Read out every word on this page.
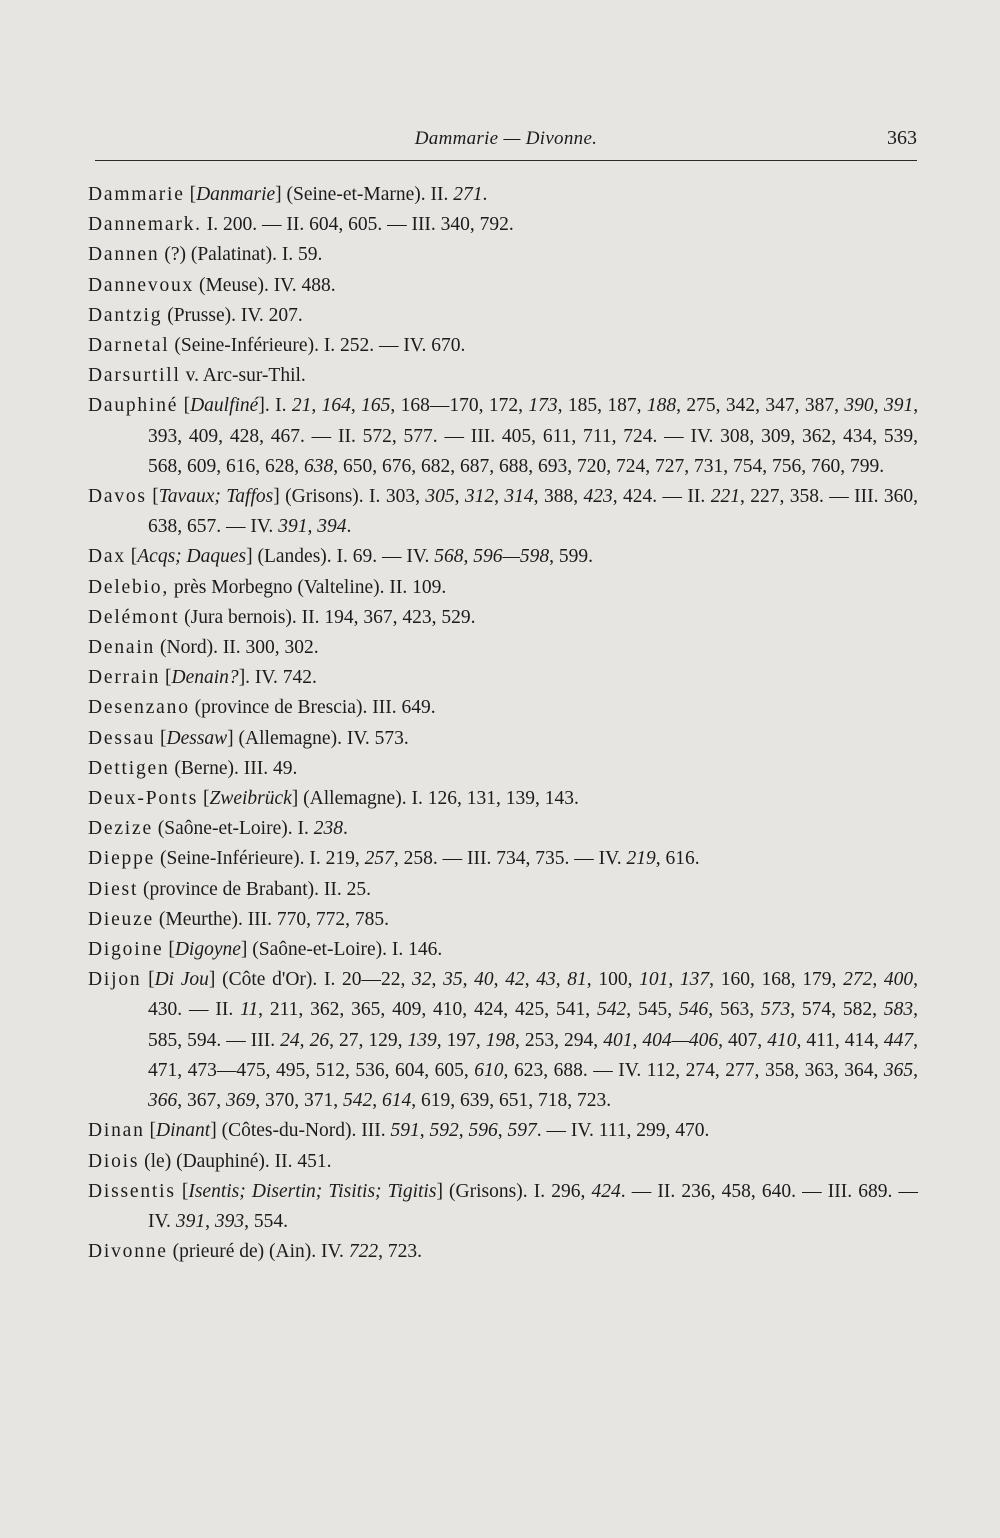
Dammarie — Divonne.	363
Dammarie [Danmarie] (Seine-et-Marne). II. 271.
Dannemark. I. 200. — II. 604, 605. — III. 340, 792.
Dannen (?) (Palatinat). I. 59.
Dannevoux (Meuse). IV. 488.
Dantzig (Prusse). IV. 207.
Darnetal (Seine-Inférieure). I. 252. — IV. 670.
Darsurtill v. Arc-sur-Thil.
Dauphiné [Daulfiné]. I. 21, 164, 165, 168—170, 172, 173, 185, 187, 188, 275, 342, 347, 387, 390, 391, 393, 409, 428, 467. — II. 572, 577. — III. 405, 611, 711, 724. — IV. 308, 309, 362, 434, 539, 568, 609, 616, 628, 638, 650, 676, 682, 687, 688, 693, 720, 724, 727, 731, 754, 756, 760, 799.
Davos [Tavaux; Taffos] (Grisons). I. 303, 305, 312, 314, 388, 423, 424. — II. 221, 227, 358. — III. 360, 638, 657. — IV. 391, 394.
Dax [Acqs; Daques] (Landes). I. 69. — IV. 568, 596—598, 599.
Delebio, près Morbegno (Valteline). II. 109.
Delémont (Jura bernois). II. 194, 367, 423, 529.
Denain (Nord). II. 300, 302.
Derrain [Denain?]. IV. 742.
Desenzano (province de Brescia). III. 649.
Dessau [Dessaw] (Allemagne). IV. 573.
Dettigen (Berne). III. 49.
Deux-Ponts [Zweibrück] (Allemagne). I. 126, 131, 139, 143.
Dezize (Saône-et-Loire). I. 238.
Dieppe (Seine-Inférieure). I. 219, 257, 258. — III. 734, 735. — IV. 219, 616.
Diest (province de Brabant). II. 25.
Dieuze (Meurthe). III. 770, 772, 785.
Digoine [Digoyne] (Saône-et-Loire). I. 146.
Dijon [Di Jou] (Côte d'Or). I. 20—22, 32, 35, 40, 42, 43, 81, 100, 101, 137, 160, 168, 179, 272, 400, 430. — II. 11, 211, 362, 365, 409, 410, 424, 425, 541, 542, 545, 546, 563, 573, 574, 582, 583, 585, 594. — III. 24, 26, 27, 129, 139, 197, 198, 253, 294, 401, 404—406, 407, 410, 411, 414, 447, 471, 473—475, 495, 512, 536, 604, 605, 610, 623, 688. — IV. 112, 274, 277, 358, 363, 364, 365, 366, 367, 369, 370, 371, 542, 614, 619, 639, 651, 718, 723.
Dinan [Dinant] (Côtes-du-Nord). III. 591, 592, 596, 597. — IV. 111, 299, 470.
Diois (le) (Dauphiné). II. 451.
Dissentis [Isentis; Disertin; Tisitis; Tigitis] (Grisons). I. 296, 424. — II. 236, 458, 640. — III. 689. — IV. 391, 393, 554.
Divonne (prieuré de) (Ain). IV. 722, 723.
